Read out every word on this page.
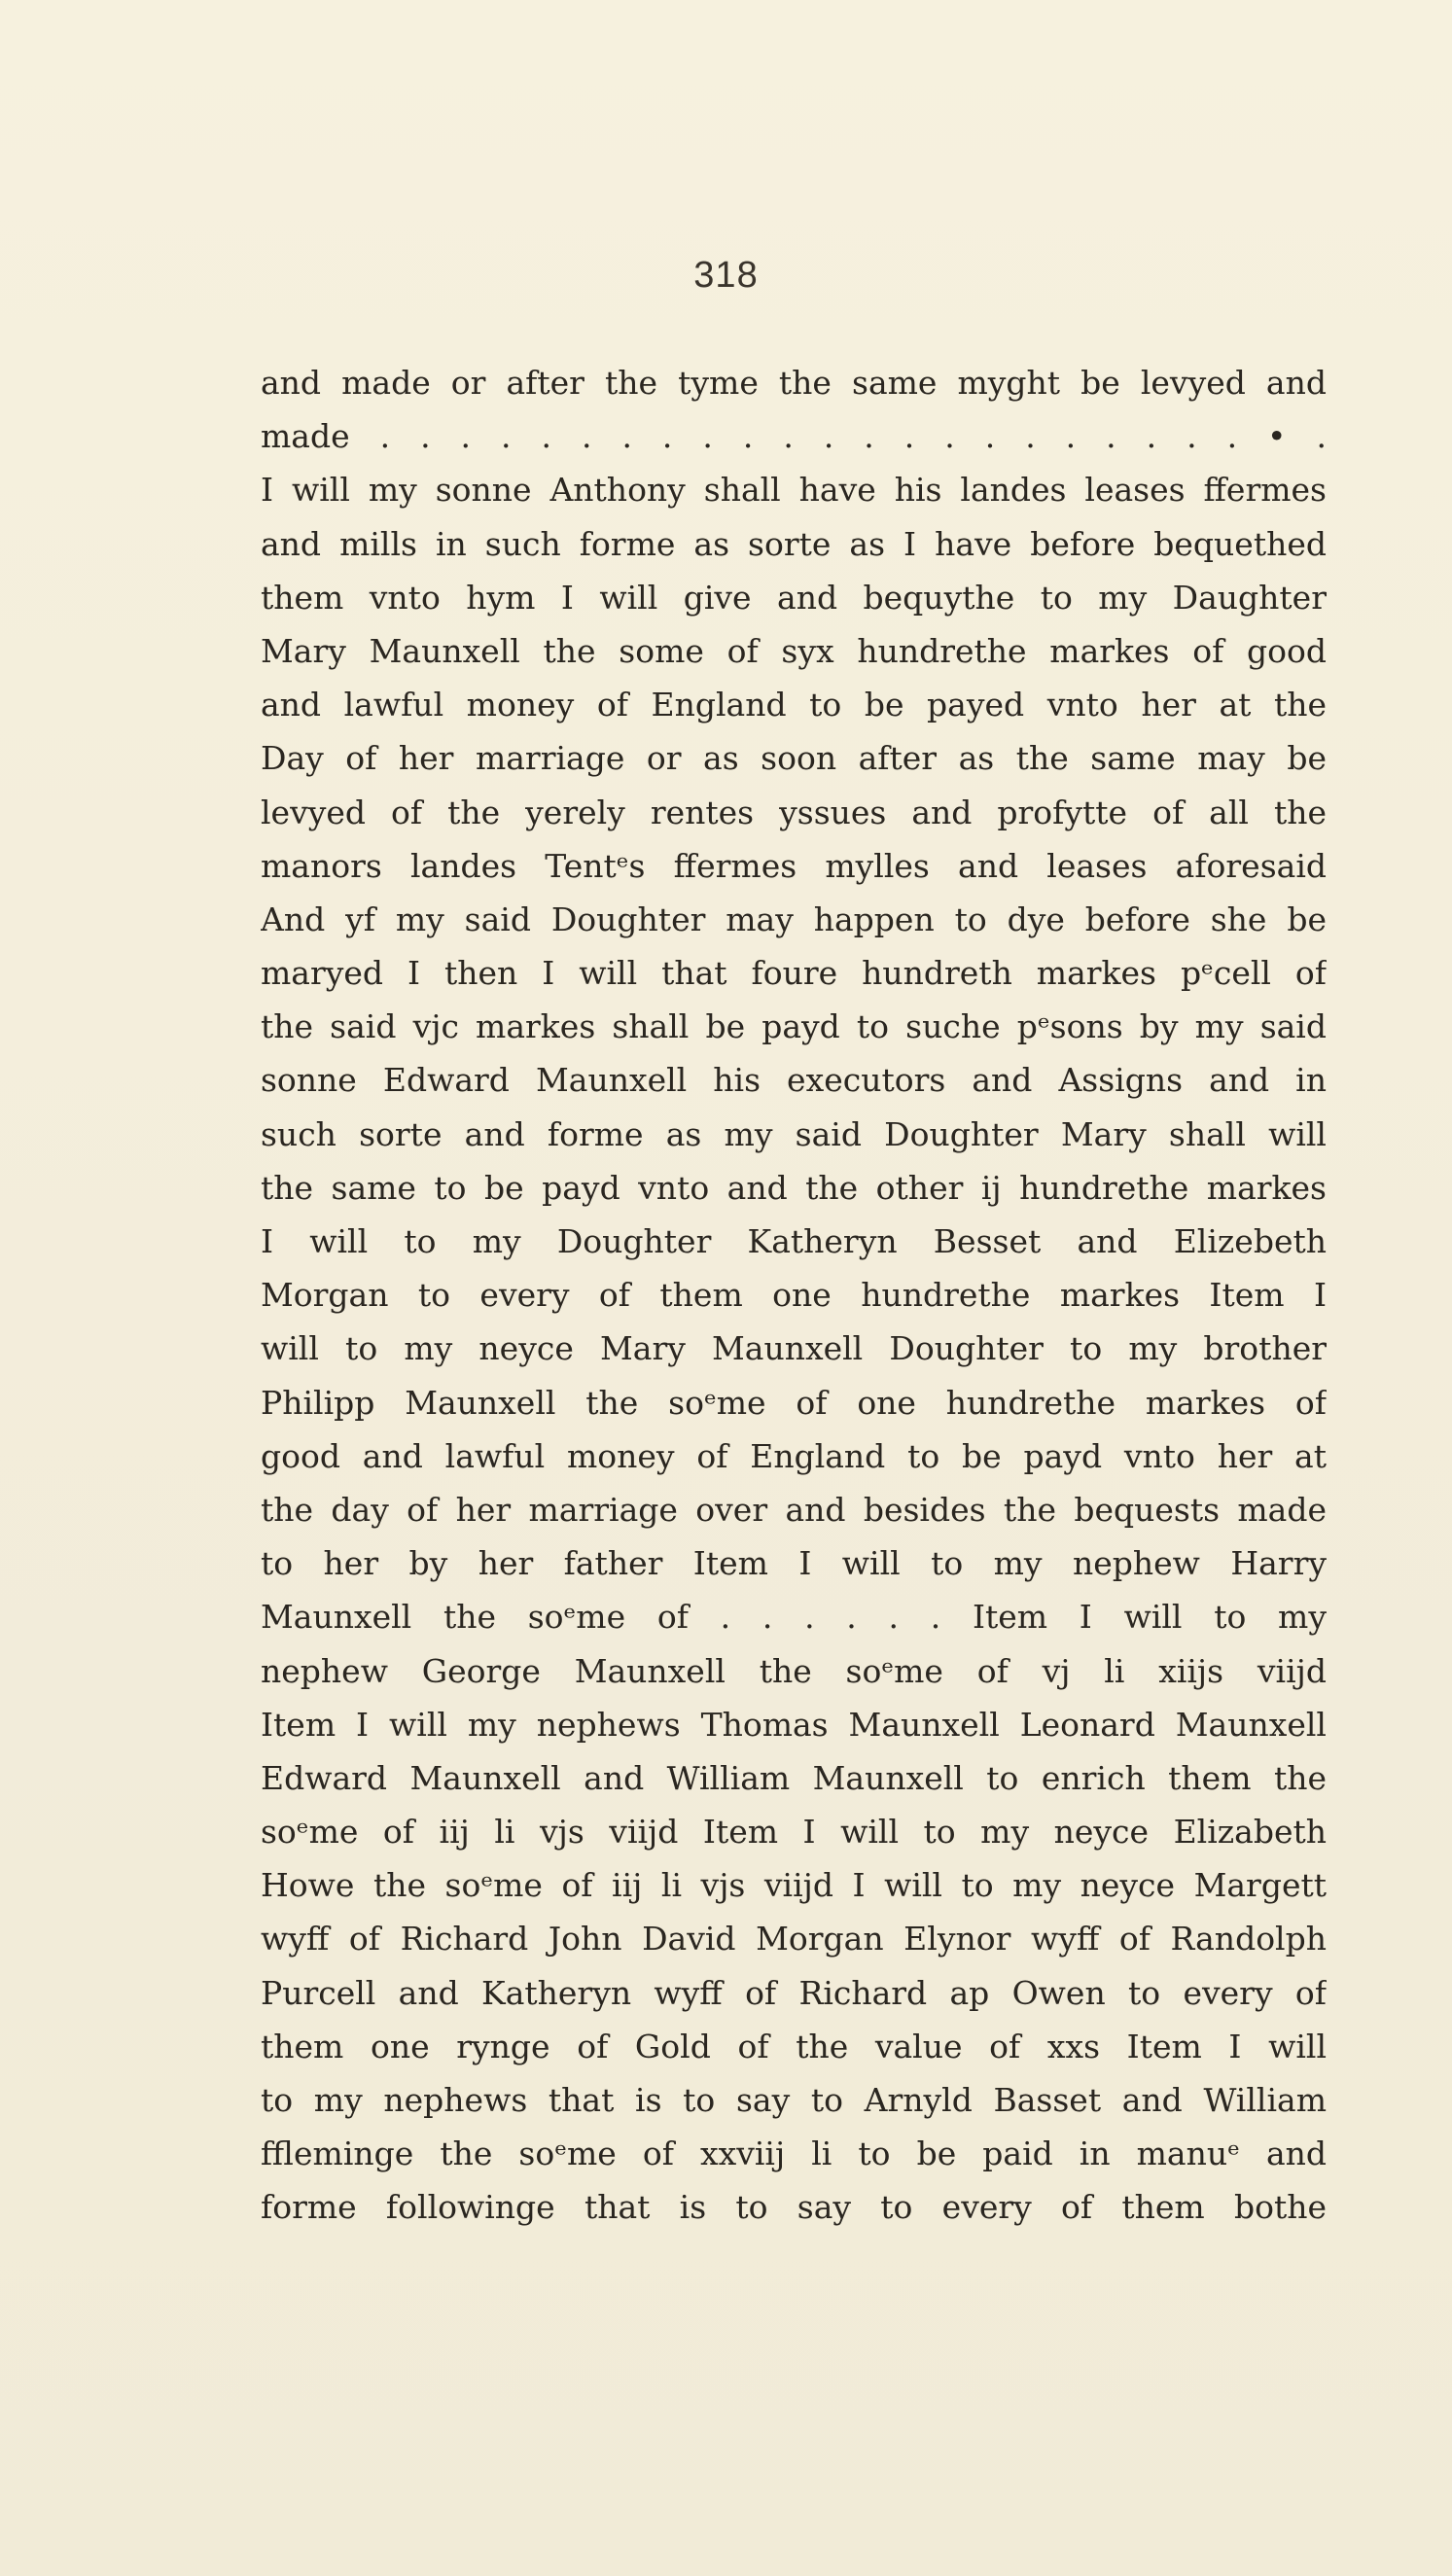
318
and made or after the tyme the same myght be levyed and
made . . . . . . . . . . . . . . . . . . . . . . • .
I will my sonne Anthony shall have his landes leases ffermes
and mills in such forme as sorte as I have before bequethed
them vnto hym I will give and bequythe to my Daughter
Mary Maunxell the some of syx hundrethe markes of good
and lawful money of England to be payed vnto her at the
Day of her marriage or as soon after as the same may be
levyed of the yerely rentes yssues and profytte of all the
manors landes Tentᵉs ffermes mylles and leases aforesaid
And yf my said Doughter may happen to dye before she be
maryed I then I will that foure hundreth markes pᵉcell of
the said vjc markes shall be payd to suche pᵉsons by my said
sonne Edward Maunxell his executors and Assigns and in
such sorte and forme as my said Doughter Mary shall will
the same to be payd vnto and the other ij hundrethe markes
I will to my Doughter Katheryn Besset and Elizebeth
Morgan to every of them one hundrethe markes Item I
will to my neyce Mary Maunxell Doughter to my brother
Philipp Maunxell the soᵉme of one hundrethe markes of
good and lawful money of England to be payd vnto her at
the day of her marriage over and besides the bequests made
to her by her father Item I will to my nephew Harry
Maunxell the soᵉme of . . . . . . Item I will to my
nephew George Maunxell the soᵉme of vj li xiijs viijd
Item I will my nephews Thomas Maunxell Leonard Maunxell
Edward Maunxell and William Maunxell to enrich them the
soᵉme of iij li vjs viijd Item I will to my neyce Elizabeth
Howe the soᵉme of iij li vjs viijd I will to my neyce Margett
wyff of Richard John David Morgan Elynor wyff of Randolph
Purcell and Katheryn wyff of Richard ap Owen to every of
them one rynge of Gold of the value of xxs Item I will
to my nephews that is to say to Arnyld Basset and William
ffleminge the soᵉme of xxviij li to be paid in manuᵉ and
forme followinge that is to say to every of them bothe
